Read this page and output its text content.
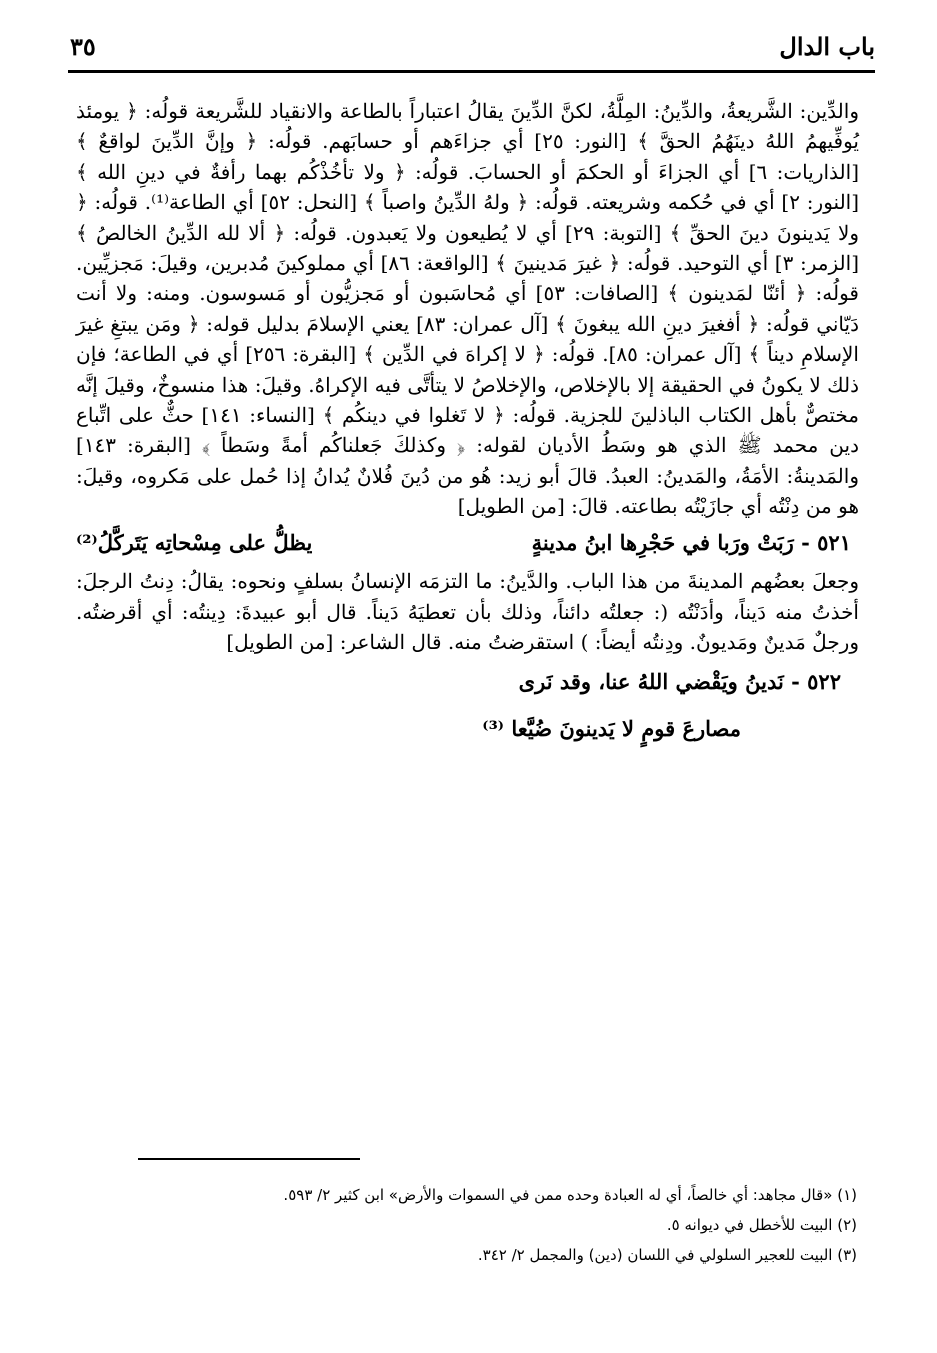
باب الدال
٣٥

والدِّين: الشَّريعةُ، والدِّينُ: المِلَّةُ، لكنَّ الدِّينَ يقالُ اعتباراً بالطاعة والانقياد للشَّريعة قولُه: ﴿ يومئذ يُوفِّيهمُ اللهُ دينَهُمُ الحقَّ ﴾ [النور: ٢٥] أي جزاءَهم أو حسابَهم. قولُه: ﴿ وإنَّ الدِّينَ لواقعٌ ﴾ [الذاريات: ٦] أي الجزاءَ أو الحكمَ أو الحسابَ. قولُه: ﴿ ولا تأخُذْكُم بهما رأفةٌ في دينِ الله ﴾ [النور: ٢] أي في حُكمه وشريعته. قولُه: ﴿ ولهُ الدِّينُ واصباً ﴾ [النحل: ٥٢] أي الطاعة⁽¹⁾. قولُه: ﴿ ولا يَدينونَ دينَ الحقِّ ﴾ [التوبة: ٢٩] أي لا يُطيعون ولا يَعبدون. قولُه: ﴿ ألا لله الدِّينُ الخالصُ ﴾ [الزمر: ٣] أي التوحيد. قولُه: ﴿ غيرَ مَدينينَ ﴾ [الواقعة: ٨٦] أي مملوكينَ مُدبرين، وقيلَ: مَجزيِّين. قولُه: ﴿ أئنّا لمَدينون ﴾ [الصافات: ٥٣] أي مُحاسَبون أو مَجزيُّون أو مَسوسون. ومنه: ولا أنت دَيّاني قولُه: ﴿ أفغيرَ دينِ الله يبغونَ ﴾ [آل عمران: ٨٣] يعني الإسلامَ بدليل قوله: ﴿ ومَن يبتغِ غيرَ الإسلامِ ديناً ﴾ [آل عمران: ٨٥]. قولُه: ﴿ لا إكراهَ في الدِّين ﴾ [البقرة: ٢٥٦] أي في الطاعة؛ فإن ذلك لا يكونُ في الحقيقة إلا بالإخلاص، والإخلاصُ لا يتأتَّى فيه الإكراهُ. وقيلَ: هذا منسوخٌ، وقيلَ إنَّه مختصٌّ بأهل الكتاب الباذلينَ للجزية. قولُه: ﴿ لا تَغلوا في دينكُم ﴾ [النساء: ١٤١] حثٌّ على اتِّباع دين محمد ﷺ الذي هو وسَطُ الأديان لقوله: ﴿ وكذلكَ جَعلناكُم أمةً وسَطاً ﴾ [البقرة: ١٤٣] والمَدينةُ: الأمَةُ، والمَدينُ: العبدُ. قالَ أبو زيد: هُو من دُينَ فُلانٌ يُدانُ إذا حُمل على مَكروه، وقيلَ: هو من دِنْتُه أي جازَيْتُه بطاعته. قالَ: [من الطويل]

٥٢١ - رَبَتْ ورَبا في حَجْرِها ابنُ مدينةٍ
يظلُّ على مِسْحاتِه يَتَركَّلُ⁽²⁾

وجعلَ بعضُهم المدينةَ من هذا الباب. والدَّينُ: ما التزمَه الإنسانُ بسلفٍ ونحوه: يقالُ: دِنتُ الرجلَ: أخذتُ منه دَيناً، وأدَنْتُه (: جعلتُه دائناً، وذلك بأن تعطيَهُ دَيناً. قال أبو عبيدةَ: دِينتُه: أي أقرضتُه. ورجلٌ مَدينٌ ومَديونٌ. ودِنتُه أيضاً: ) استقرضتُ منه. قال الشاعر: [من الطويل]

٥٢٢ - نَدينُ ويَقْضي اللهُ عنا، وقد نَرى
مصارعَ قومٍ لا يَدينونَ ضُيَّعا ⁽³⁾

(١) «قال مجاهد: أي خالصاً، أي له العبادة وحده ممن في السموات والأرض» ابن كثير ٢/ ٥٩٣.

(٢) البيت للأخطل في ديوانه ٥.

(٣) البيت للعجير السلولي في اللسان (دين) والمجمل ٢/ ٣٤٢.
